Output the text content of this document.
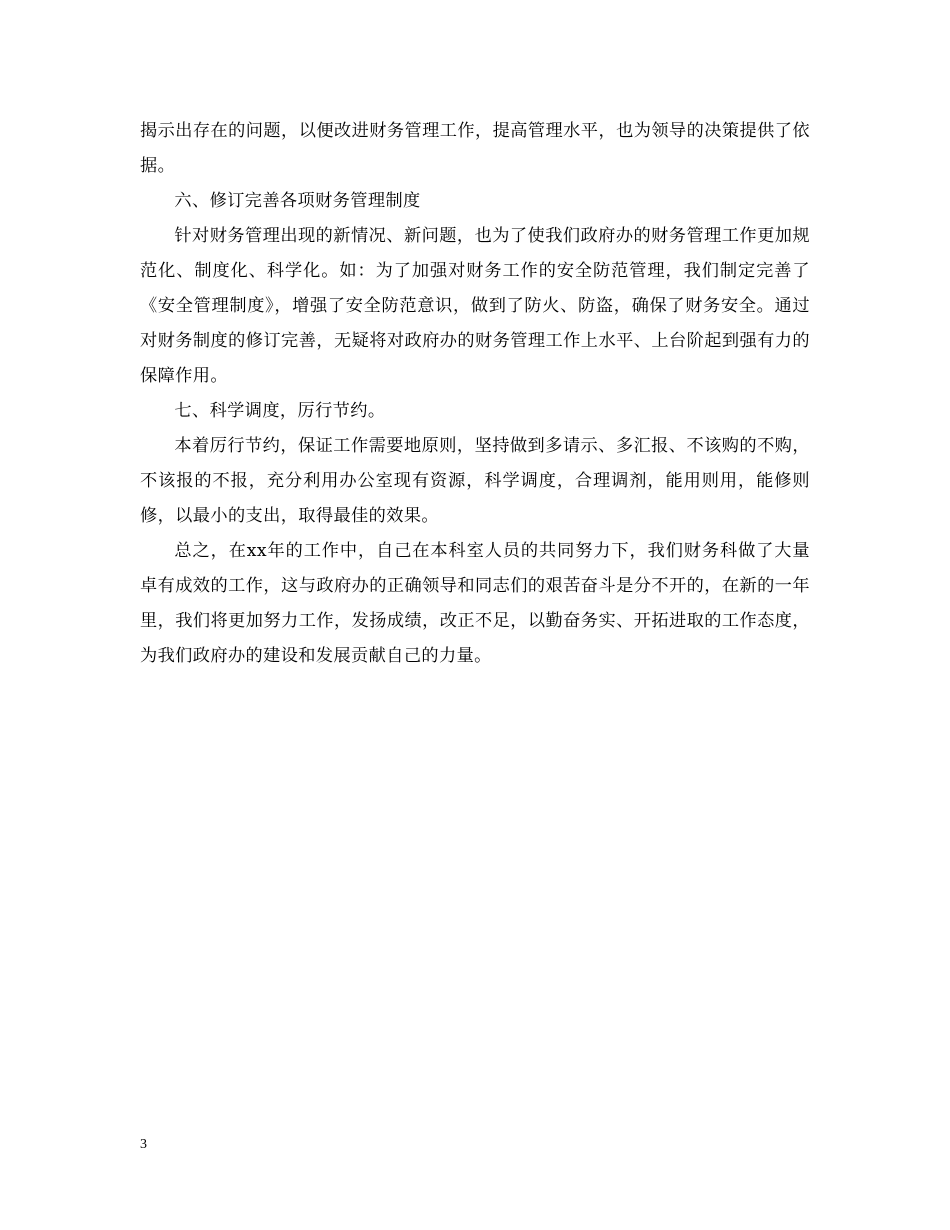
揭示出存在的问题，以便改进财务管理工作，提高管理水平，也为领导的决策提供了依据。

六、修订完善各项财务管理制度

针对财务管理出现的新情况、新问题，也为了使我们政府办的财务管理工作更加规范化、制度化、科学化。如：为了加强对财务工作的安全防范管理，我们制定完善了《安全管理制度》，增强了安全防范意识，做到了防火、防盗，确保了财务安全。通过对财务制度的修订完善，无疑将对政府办的财务管理工作上水平、上台阶起到强有力的保障作用。

七、科学调度，厉行节约。

本着厉行节约，保证工作需要地原则，坚持做到多请示、多汇报、不该购的不购，不该报的不报，充分利用办公室现有资源，科学调度，合理调剂，能用则用，能修则修，以最小的支出，取得最佳的效果。

总之，在xx年的工作中，自己在本科室人员的共同努力下，我们财务科做了大量卓有成效的工作，这与政府办的正确领导和同志们的艰苦奋斗是分不开的，在新的一年里，我们将更加努力工作，发扬成绩，改正不足，以勤奋务实、开拓进取的工作态度，为我们政府办的建设和发展贡献自己的力量。

3
